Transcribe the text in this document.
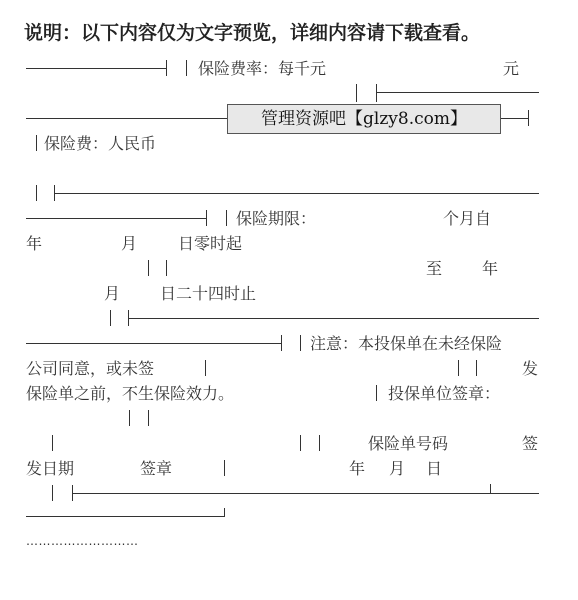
说明：以下内容仅为文字预览，详细内容请下载查看。
保险费率：每千元	元
管理资源吧【glzy8.com】
保险费：人民币
保险期限：	个月自
年	月	日零时起
至 年
月 日二十四时止
注意：本投保单在未经保险
公司同意，或未签	发
保险单之前，不生保险效力。	投保单位签章：
保险单号码	签
发日期	签章	年 月 日
………………………
